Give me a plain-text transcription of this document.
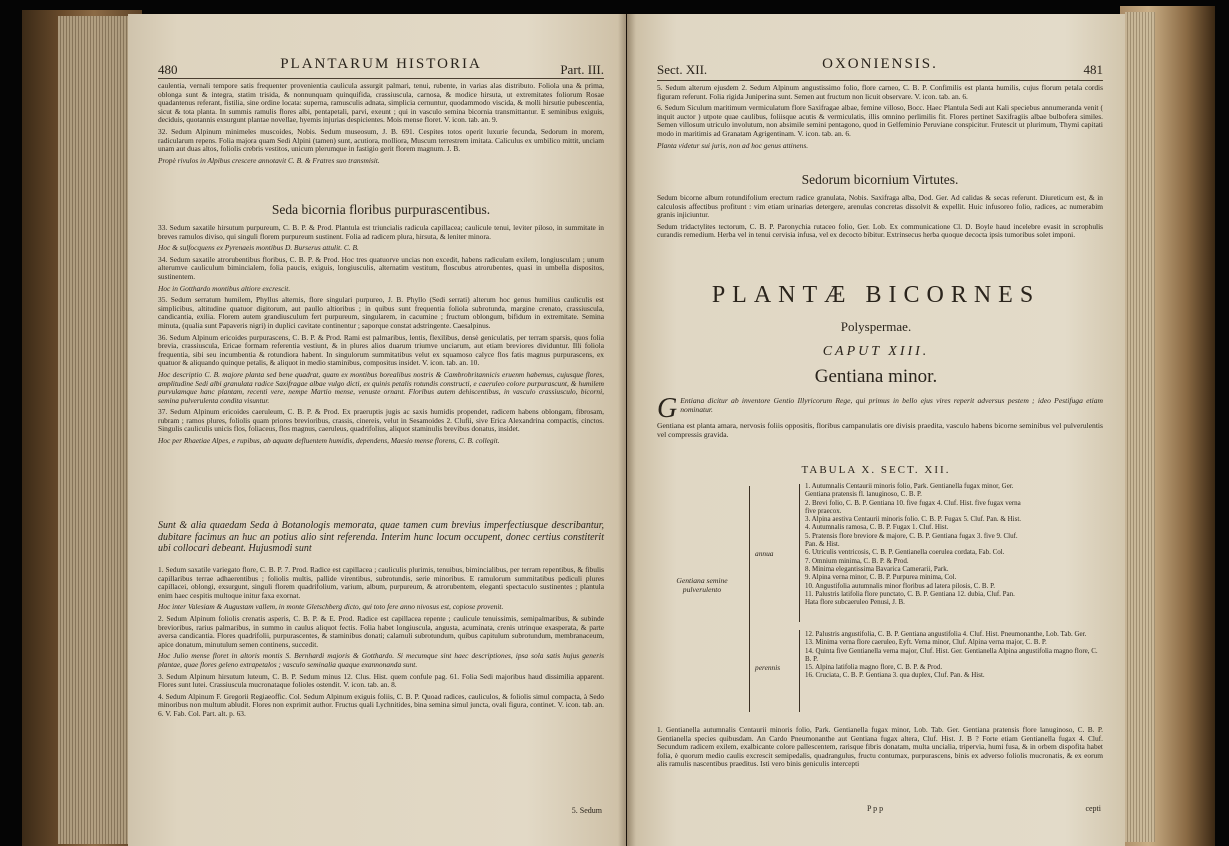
480	PLANTARUM HISTORIA	Part. III.

caulentia, vernali tempore satis frequenter provenientia caulicula assurgit palmari, tenui, rubente, in varias alas distributo. Foliola una & prima, oblonga sunt & integra, statim trisida, & nonnunquam quinquifida, crassiuscula, carnosa, & modice hirsuta, ut extremitates foliorum Rosae quadantenus referant, fistilia, sine ordine locata: superna, ramusculis adnata, simplicia cernuntur, quodammodo viscida, & molli hirsutie pubescentia, sicut & tota planta. In summis ramulis flores albi, pentapetali, parvi, exeunt ; qui in vasculo semina bicornia transmittantur. E seminibus exiguis, deciduis, quotannis exsurgunt plantae novellae, hyemis injurias despicientes. Mois mense floret. V. icon. tab. an. 9.

32. Sedum Alpinum minimeles muscoides, Nobis. Sedum museosum, J. B. 691. Cespites totos operit luxurie fecunda, Sedorum in morem, radicularum repens. Folia majora quam Sedi Alpini (tamen) sunt, acutiora, molliora, Muscum terrestrem imitata. Caliculus ex umbilico mittit, unciam unam aut duas altos, foliolis crebris vestitos, unicum plerumque in fastigio gerit florem magnum. J. B.

Propè rivulos in Alpibus crescere annotavit C. B. & Fratres suo transmisit.

Seda bicornia floribus purpurascentibus.

33. Sedum saxatile hirsutum purpureum, C. B. P. & Prod. Plantula est triuncialis radicula capillacea; caulicule tenui, leviter piloso, in summitate in breves ramulos diviso, qui singuli florem purpureum sustinent. Folia ad radicem plura, hirsuta, & leniter minora.

Hoc & sulfocquens ex Pyrenaeis montibus D. Burserus attulit. C. B.

34. Sedum saxatile atrorubentibus floribus, C. B. P. & Prod. Hoc tres quatuorve uncias non excedit, habens radiculam exilem, longiusculam ; unum alterumve cauliculum bimincialem, folia paucis, exiguis, longiusculis, alternatim vestitum, floscubus atrorubentes, quasi in umbella dispositos, sustinentem.

Hoc in Gotthardo montibus altiore excrescit.

35. Sedum serratum humilem, Phyllus alternis, flore singulari purpureo, J. B. Phyllo (Sedi serrati) alterum hoc genus humilius cauliculis est simplicibus, altitudine quatuor digitorum, aut paullo altioribus ; in quibus sunt frequentia foliola subrotunda, margine crenato, crassiuscula, candicantia, exilia. Florem autem grandiusculum fert purpureum, singularem, in cacumine ; fructum oblongum, bifidum in extremitate. Semina minuta, (qualia sunt Papaveris nigri) in duplici cavitate continentur ; saporque constat adstringente. Caesalpinus.

36. Sedum Alpinum ericoides purpurascens, C. B. P. & Prod. Rami est palmaribus, lentis, flexilibus, densè geniculatis, per terram sparsis, quos folia brevia, crassiuscula, Ericae formam referentia vestiunt, & in plures alios duarum triumve unciarum, aut etiam breviores dividuntur. Illi foliola frequentia, sibi seu incumbentia & rotundiora habent. In singulorum summitatibus velut ex squamoso calyce flos fatis magnus purpurascens, ex quatuor & aliquando quinque petalis, & aliquot in medio staminibus, compositus insidet. V. icon. tab. an. 10.

Hoc descriptio C. B. majore planta sed bene quadrat, quam ex montibus borealibus nostris & Cambrobritannicis eruenm habemus, cujusque flores, amplitudine Sedi albi granulata radice Saxifragae albae vulgo dicti, ex quinis petalis rotundis constructi, e caeruleo colore purpurascunt, & humilem purvulamque hanc plantam, recenti vere, nempe Martio mense, venuste ornant. Floribus autem dehiscentibus, in vasculo crassiusculo, bicorni, semina pulverulenta condita visuntur.

37. Sedum Alpinum ericoides caeruleum, C. B. P. & Prod. Ex praeruptis jugis ac saxis humidis propendet, radicem habens oblongam, fibrosam, rubram ; ramos plures, foliolis quam priores brevioribus, crassis, cinereis, velut in Sesamoides 2. Clufii, sive Erica Alexandrina compactis, cinctos. Singulis cauliculis unicis flos, foliaceus, flos magnus, caeruleus, quadrifolius, aliquot staminulis brevibus donatus, insidet.

Hoc per Rhaetiae Alpes, e rupibus, ab aquam defluentem humidis, dependens, Maesio mense florens, C. B. collegit.

Sunt & alia quaedam Seda à Botanologis memorata, quae tamen cum brevius imperfectiusque describantur, dubitare facimus an huc an potius alio sint referenda. Interim hunc locum occupent, donec certius constiterit ubi collocari debeant. Hujusmodi sunt

1. Sedum saxatile variegato flore, C. B. P. 7. Prod. Radice est capillacea ; cauliculis plurimis, tenuibus, bimincialibus, per terram repentibus, & fibulis capillaribus terrae adhaerentibus ; foliolis multis, pallide virentibus, subrotundis, serie minoribus. E ramulorum summitatibus pediculi plures capillacei, oblongi, exsurgunt, singuli florem quadrifolium, varium, album, purpureum, & atrorubentem, eleganti spectaculo sustinentes ; plantula enim haec cespitis multoque initur faxa exornat.

Hoc inter Valesiam & Augustam vallem, in monte Gletschberg dicto, qui toto fere anno nivosus est, copiose provenit.

2. Sedum Alpinum foliolis crenatis asperis, C. B. P. & E. Prod. Radice est capillacea repente ; caulicule tenuissimis, semipalmaribus, & subinde brevioribus, rarius palmaribus, in summo in caulus aliquot fectis. Folia habet longiuscula, angusta, acuminata, crenis utrinque exasperata, & parte aversa candicantia. Flores quadrifolii, purpurascentes, & staminibus donati; calamuli subrotundum, quibus capitulum subrotundum, membranaceum, apice donatum, minutulum semen continens, succedit.

Hoc Julio mense floret in altoris montis S. Bernhardi majoris & Gotthardo. Si mecumque sint haec descriptiones, ipsa sola satis hujus generis plantae, quae flores geleno extrapetalos ; vasculo seminalia quaque exannonanda sunt.

3. Sedum Alpinum hirsutum luteum, C. B. P. Sedum minus 12. Clus. Hist. quem confule pag. 61. Folia Sedi majoribus haud dissimilia apparent. Flores sunt lutei. Crassiuscula mucronataque folioles ostendit. V. icon. tab. an. 8.

4. Sedum Alpinum F. Gregorii Regiaeoffic. Col. Sedum Alpinum exiguis foliis, C. B. P. Quoad radices, cauliculos, & foliolis simul compacta, à Sedo minoribus non multum abludit. Flores non exprimit author. Fructus quali Lychnitides, bina semina simul juncta, ovali figura, continet. V. icon. tab. an. 6. V. Fab. Col. Part. alt. p. 63.

5. Sedum
Sect. XII.	OXONIENSIS.	481

5. Sedum alterum ejusdem 2. Sedum Alpinum angustissimo folio, flore carneo, C. B. P. Confimilis est planta humilis, cujus florum petala cordis figuram referunt. Folia rigida Juniperina sunt. Semen aut fructum non licuit observare. V. icon. tab. an. 6.

6. Sedum Siculum maritimum vermiculatum flore Saxifragae albae, femine villoso, Bocc. Haec Plantula Sedi aut Kali speciebus annumeranda venit ( inquit auctor ) utpote quae caulibus, foliisque acutis & vermiculatis, illis omnino perlimilis fit. Flores pertinet Saxifragiis albae bulbofera similes. Semen villosum utriculo involutum, non absimile semini pentagono, quod in Gelfeminio Peruviane conspicitur. Frutescit ut plurimum, Thymi capitati modo in maritimis ad Granatam Agrigentinam. V. icon. tab. an. 6.

Planta videtur sui juris, non ad hoc genus attinens.

Sedorum bicornium Virtutes.

Sedum bicorne album rotundifolium erectum radice granulata, Nobis. Saxifraga alba, Dod. Ger. Ad calidas & secas referunt. Diureticum est, & in calculosis affectibus profitunt : vim etiam urinarias detergere, arenulas concretas dissolvit & expellit. Huic infusoreo folio, radices, ac numerabim granis injiciuntur.

Sedum tridactylites tectorum, C. B. P. Paronychia rutaceo folio, Ger. Lob. Ex communicatione Cl. D. Boyle haud incelebre evasit in scrophulis curandis remedium. Herba vel in tenui cervisia infusa, vel ex decocto bibitur. Extrinsecus herba quoque decocta ipsis tumoribus solet imponi.

PLANTÆ BICORNES
Polyspermae.
CAPUT XIII.
Gentiana minor.

G Entiana dicitur ab inventore Gentio Illyricorum Rege, qui primus in bello ejus vires reperit adversus pestem ; ideo Pestifuga etiam nominatur.

Gentiana est planta amara, nervosis foliis oppositis, floribus campanulatis ore divisis praedita, vasculo habens bicorne seminibus vel pulverulentis vel compressis gravida.

TABULA X. SECT. XII.
Gentiana semine pulverulento
annua
1. Autumnalis Centaurii minoris folio, Park. Gentianella fugax minor, Ger.
Gentiana pratensis fl. lanuginoso, C. B. P.
2. Brevi folio, C. B. P. Gentiana 10. five fugax 4. Cluf. Hist. five fugax verna
five praecox.
3. Alpina aestiva Centaurii minoris folio. C. B. P. Fugax 5. Cluf. Pan. & Hist.
4. Autumnalis ramosa, C. B. P. Fugax 1. Cluf. Hist.
5. Pratensis flore breviore & majore, C. B. P. Gentiana fugax 3. five 9. Cluf.
Pan. & Hist.
6. Utriculis ventricosis, C. B. P. Gentianella coerulea cordata, Fab. Col.
7. Omnium minima, C. B. P. & Prod.
8. Minima elegantissima Bavarica Camerarii, Park.
9. Alpina verna minor, C. B. P. Purpurea minima, Col.
10. Angustifolia autumnalis minor floribus ad latera pilosis, C. B. P.
11. Palustris latifolia flore punctato, C. B. P. Gentiana 12. dubia, Cluf. Pan.
Hata flore subcaeruleo Penusi, J. B.
perennis
12. Palustris angustifolia, C. B. P. Gentiana angustifolia 4. Cluf. Hist. Pneumonanthe, Lob. Tab. Ger.
13. Minima verna flore caeruleo, Eyft. Verna minor, Cluf. Alpina verna major, C. B. P.
14. Quinta five Gentianella verna major, Cluf. Hist. Ger. Gentianella Alpina angustifolia magno flore, C. B. P.
15. Alpina latifolia magno flore, C. B. P. & Prod.
16. Cruciata, C. B. P. Gentiana 3. qua duplex, Cluf. Pan. & Hist.
1. Gentianella autumnalis Centaurii minoris folio, Park. Gentianella fugax minor, Lob. Tab. Ger. Gentiana pratensis flore lanuginoso, C. B. P. Gentianella species quibusdam. An Cardo Pneumonanthe aut Gentiana fugax altera, Cluf. Hist. J. B ? Forte etiam Gentianella fugax 4. Cluf. Secundum radicem exilem, exalbicante colore pallescentem, rarisque fibris donatam, multa uncialia, tripervia, humi fusa, & in orbem dispofita habet folia, è quorum medio caulis excrescit semipedalis, quadrangulus, fructu contumax, purpurascens, binis ex adverso foliolis mucronatis, & ex eorum alis ramulis nascentibus praeditus. Isti vero binis geniculis intercepti
P p p	cepti
